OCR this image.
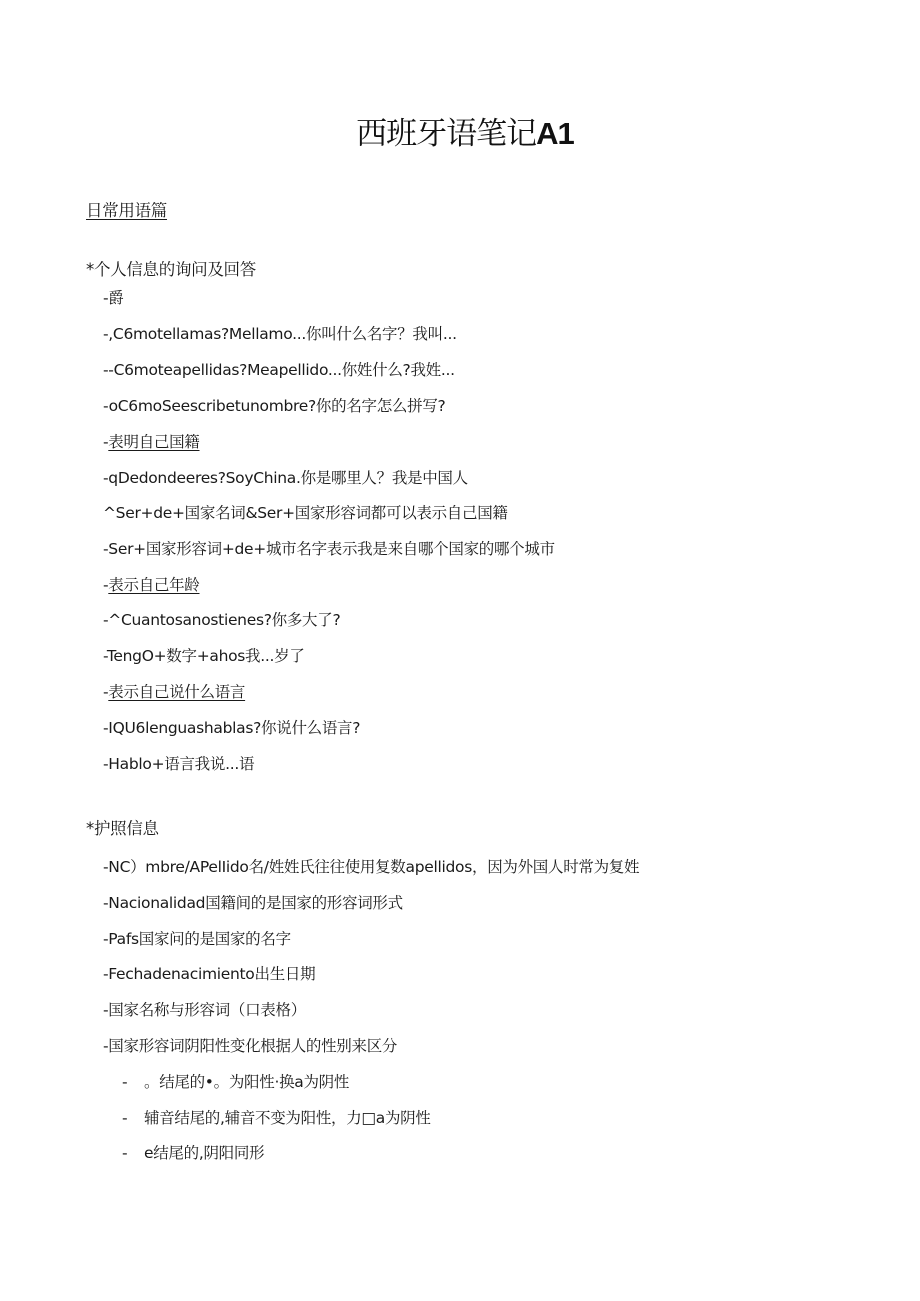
西班牙语笔记A1
日常用语篇
*个人信息的询问及回答
-爵
-,C6motellamas?Mellamo...你叫什么名字？我叫...
--C6moteapellidas?Meapellido...你姓什么?我姓...
-oC6moSeescribetunombre?你的名字怎么拼写?
-表明自己国籍
-qDedondeeres?SoyChina.你是哪里人？我是中国人
^Ser+de+国家名词&Ser+国家形容词都可以表示自己国籍
-Ser+国家形容词+de+城市名字表示我是来自哪个国家的哪个城市
-表示自己年龄
-^Cuantosanostienes?你多大了?
-TengO+数字+ahos我...岁了
-表示自己说什么语言
-IQU6lenguashablas?你说什么语言?
-Hablo+语言我说...语
*护照信息
-NC）mbre∕APelIido名/姓姓氏往往使用复数apellidos，因为外国人时常为复姓
-Nacionalidad国籍间的是国家的形容词形式
-Pafs国家问的是国家的名字
-Fechadenacimiento出生日期
-国家名称与形容词（口表格）
-国家形容词阴阳性变化根据人的性别来区分
- 。结尾的•。为阳性·换a为阴性
- 辅音结尾的,辅音不变为阳性，力□a为阴性
- e结尾的,阴阳同形
